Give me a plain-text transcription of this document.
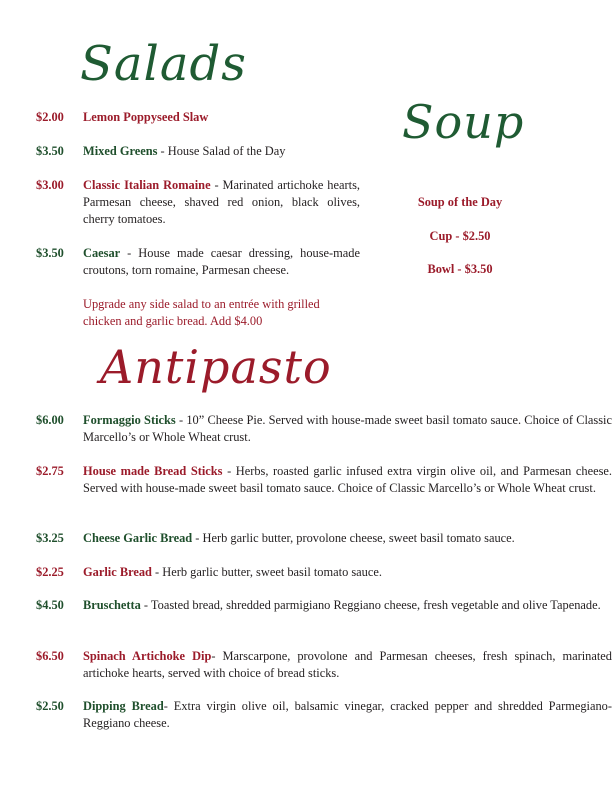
Salads
$2.00 Lemon Poppyseed Slaw
$3.50 Mixed Greens - House Salad of the Day
$3.00 Classic Italian Romaine - Marinated artichoke hearts, Parmesan cheese, shaved red onion, black olives, cherry tomatoes.
$3.50 Caesar - House made caesar dressing, house-made croutons, torn romaine, Parmesan cheese.
Upgrade any side salad to an entrée with grilled chicken and garlic bread. Add $4.00
Soup
Soup of the Day
Cup - $2.50
Bowl - $3.50
Antipasto
$6.00 Formaggio Sticks - 10” Cheese Pie. Served with house-made sweet basil tomato sauce. Choice of Classic Marcello’s or Whole Wheat crust.
$2.75 House made Bread Sticks - Herbs, roasted garlic infused extra virgin olive oil, and Parmesan cheese. Served with house-made sweet basil tomato sauce. Choice of Classic Marcello’s or Whole Wheat crust.
$3.25 Cheese Garlic Bread - Herb garlic butter, provolone cheese, sweet basil tomato sauce.
$2.25 Garlic Bread - Herb garlic butter, sweet basil tomato sauce.
$4.50 Bruschetta - Toasted bread, shredded parmigiano Reggiano cheese, fresh vegetable and olive Tapenade.
$6.50 Spinach Artichoke Dip- Marscarpone, provolone and Parmesan cheeses, fresh spinach, marinated artichoke hearts, served with choice of bread sticks.
$2.50 Dipping Bread- Extra virgin olive oil, balsamic vinegar, cracked pepper and shredded Parmegiano-Reggiano cheese.
